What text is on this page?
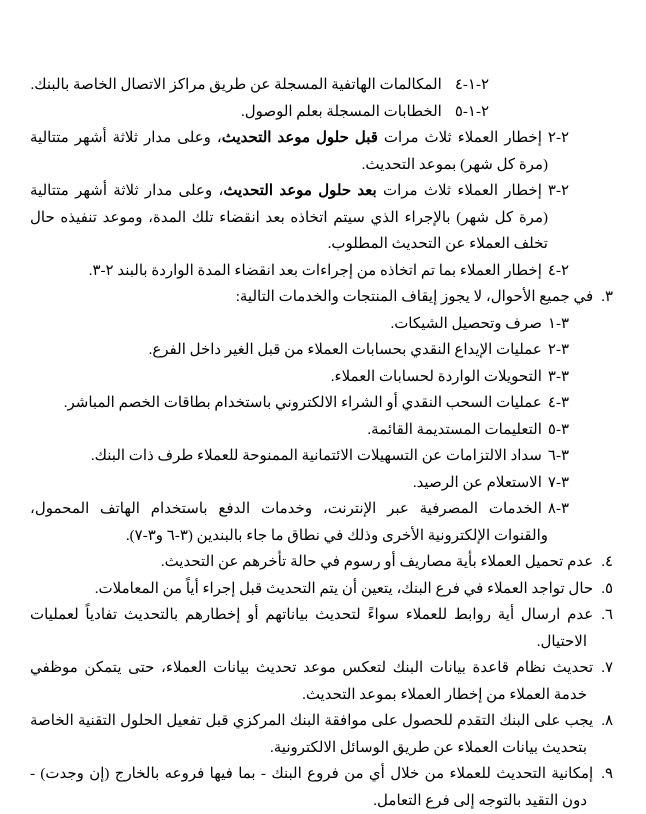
٢-١-٤المكالمات الهاتفية المسجلة عن طريق مراكز الاتصال الخاصة بالبنك.

٢-١-٥الخطابات المسجلة بعلم الوصول.

٢-٢إخطار العملاء ثلاث مرات قبل حلول موعد التحديث، وعلى مدار ثلاثة أشهر متتالية (مرة كل شهر) بموعد التحديث.

٢-٣إخطار العملاء ثلاث مرات بعد حلول موعد التحديث، وعلى مدار ثلاثة أشهر متتالية (مرة كل شهر) بالإجراء الذي سيتم اتخاذه بعد انقضاء تلك المدة، وموعد تنفيذه حال تخلف العملاء عن التحديث المطلوب.

٢-٤إخطار العملاء بما تم اتخاذه من إجراءات بعد انقضاء المدة الواردة بالبند ٢-٣.

٣.في جميع الأحوال، لا يجوز إيقاف المنتجات والخدمات التالية:

٣-١صرف وتحصيل الشيكات.

٣-٢عمليات الإيداع النقدي بحسابات العملاء من قبل الغير داخل الفرع.

٣-٣التحويلات الواردة لحسابات العملاء.

٣-٤عمليات السحب النقدي أو الشراء الالكتروني باستخدام بطاقات الخصم المباشر.

٣-٥التعليمات المستديمة القائمة.

٣-٦سداد الالتزامات عن التسهيلات الائتمانية الممنوحة للعملاء طرف ذات البنك.

٣-٧الاستعلام عن الرصيد.

٣-٨الخدمات المصرفية عبر الإنترنت، وخدمات الدفع باستخدام الهاتف المحمول، والقنوات الإلكترونية الأخرى وذلك في نطاق ما جاء بالبندين (٣-٦ و٣-٧).

٤.عدم تحميل العملاء بأية مصاريف أو رسوم في حالة تأخرهم عن التحديث.

٥.حال تواجد العملاء في فرع البنك، يتعين أن يتم التحديث قبل إجراء أياً من المعاملات.

٦.عدم ارسال أية روابط للعملاء سواءً لتحديث بياناتهم أو إخطارهم بالتحديث تفادياً لعمليات الاحتيال.

٧.تحديث نظام قاعدة بيانات البنك لتعكس موعد تحديث بيانات العملاء، حتى يتمكن موظفي خدمة العملاء من إخطار العملاء بموعد التحديث.

٨.يجب على البنك التقدم للحصول على موافقة البنك المركزي قبل تفعيل الحلول التقنية الخاصة بتحديث بيانات العملاء عن طريق الوسائل الالكترونية.

٩.إمكانية التحديث للعملاء من خلال أي من فروع البنك - بما فيها فروعه بالخارج (إن وجدت) - دون التقيد بالتوجه إلى فرع التعامل.
